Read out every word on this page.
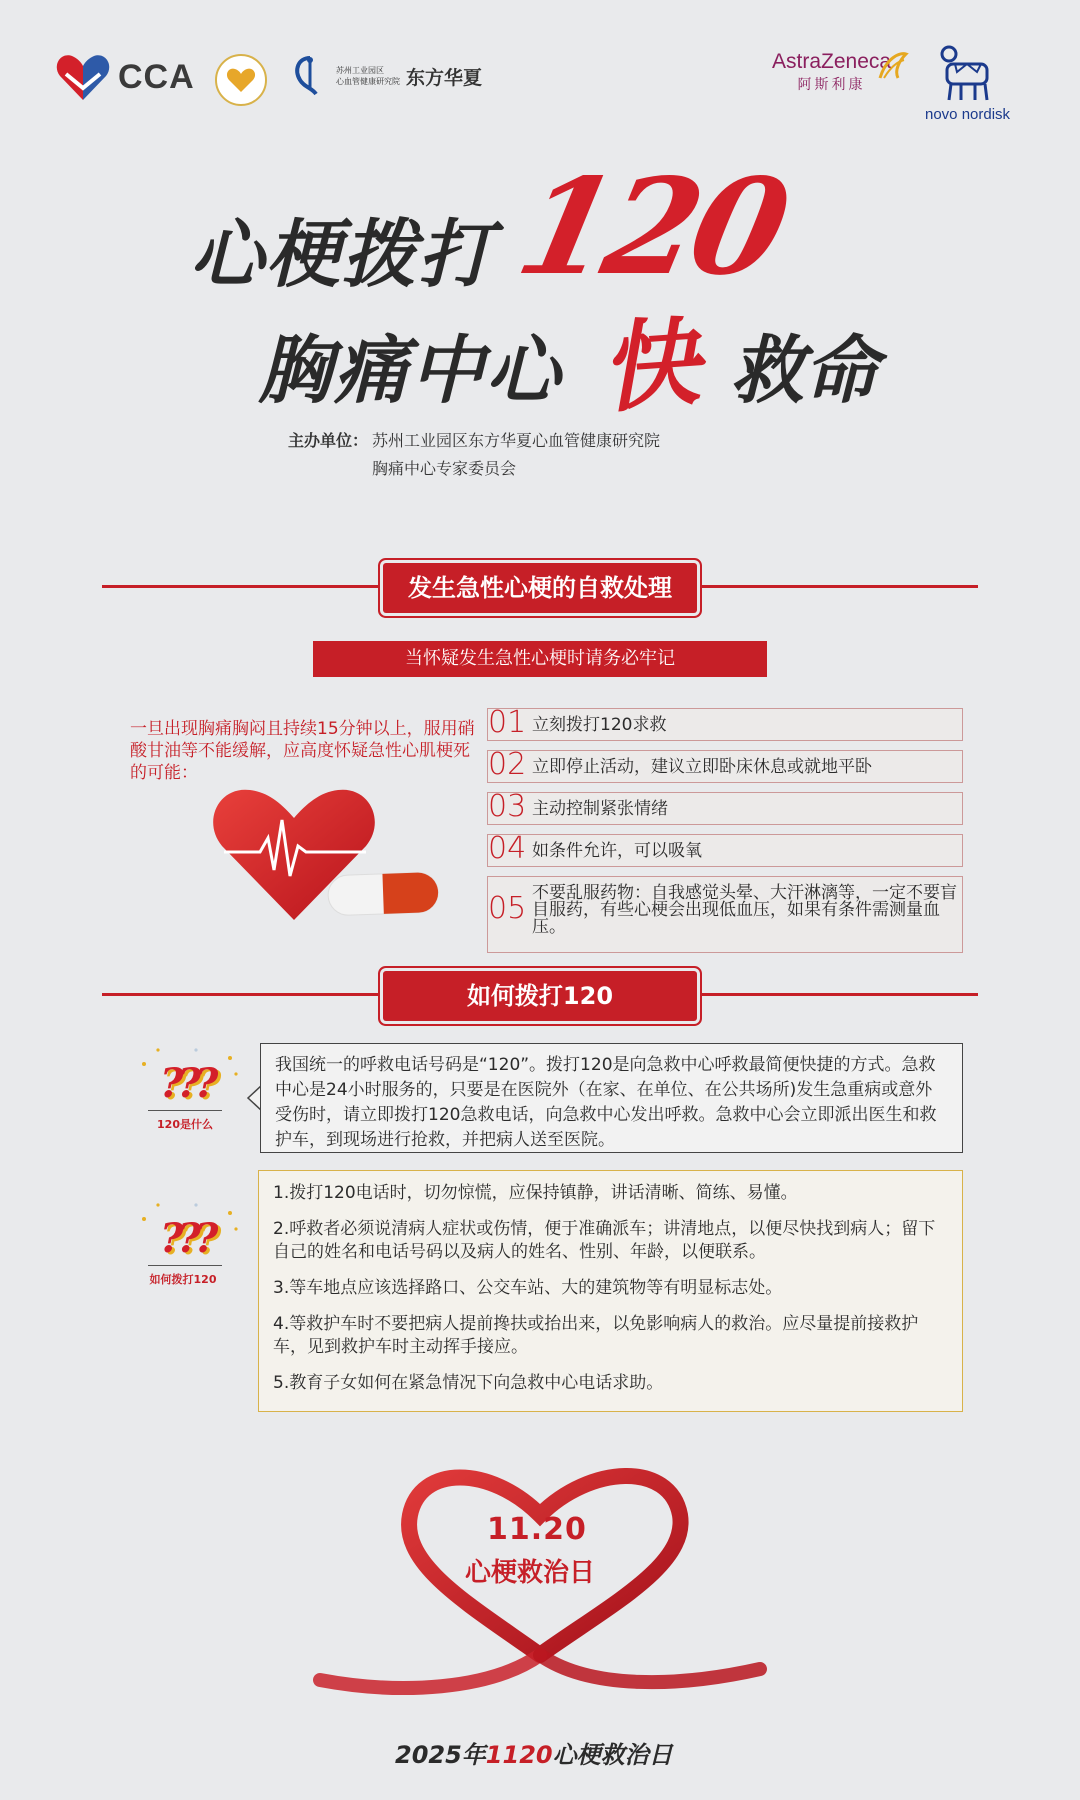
CCA	苏州工业园区
心血管健康研究院 东方华夏
AstraZeneca
阿斯利康
novo nordisk
心梗拨打 120
胸痛中心 快 救命
主办单位： 苏州工业园区东方华夏心血管健康研究院
胸痛中心专家委员会
发生急性心梗的自救处理
当怀疑发生急性心梗时请务必牢记
一旦出现胸痛胸闷且持续15分钟以上，服用硝酸甘油等不能缓解，应高度怀疑急性心肌梗死的可能：
01 立刻拨打120求救
02 立即停止活动，建议立即卧床休息或就地平卧
03 主动控制紧张情绪
04 如条件允许，可以吸氧
05 不要乱服药物：自我感觉头晕、大汗淋漓等，一定不要盲目服药，有些心梗会出现低血压，如果有条件需测量血压。
如何拨打120
???
120是什么
我国统一的呼救电话号码是“120”。拨打120是向急救中心呼救最简便快捷的方式。急救中心是24小时服务的，只要是在医院外（在家、在单位、在公共场所)发生急重病或意外受伤时，请立即拨打120急救电话，向急救中心发出呼救。急救中心会立即派出医生和救护车，到现场进行抢救，并把病人送至医院。
???
如何拨打120

1.拨打120电话时，切勿惊慌，应保持镇静，讲话清晰、简练、易懂。

2.呼救者必须说清病人症状或伤情，便于准确派车；讲清地点，以便尽快找到病人；留下自己的姓名和电话号码以及病人的姓名、性别、年龄，以便联系。

3.等车地点应该选择路口、公交车站、大的建筑物等有明显标志处。

4.等救护车时不要把病人提前搀扶或抬出来，以免影响病人的救治。应尽量提前接救护车，见到救护车时主动挥手接应。

5.教育子女如何在紧急情况下向急救中心电话求助。

11.20
心梗救治日
2025年1120心梗救治日
